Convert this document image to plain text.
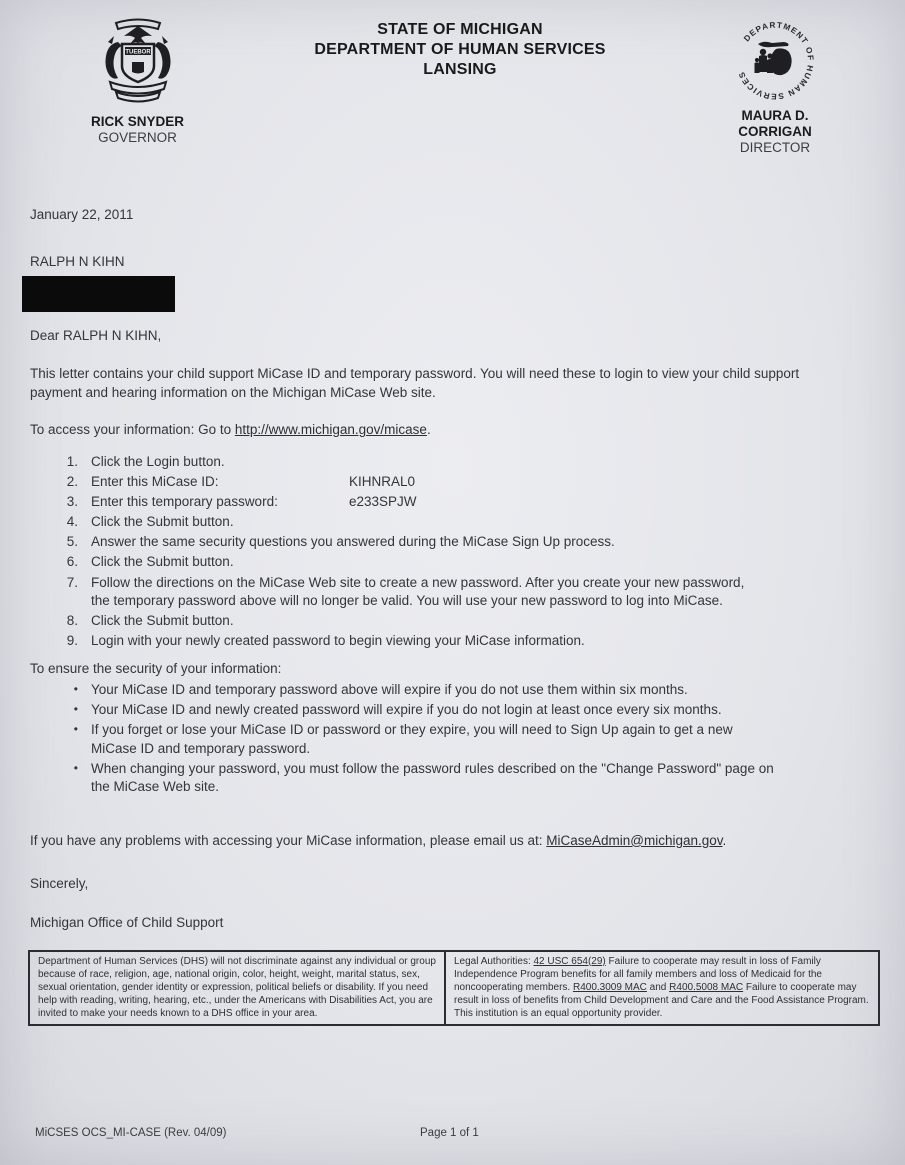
TUEBOR
RICK SNYDER
GOVERNOR
STATE OF MICHIGAN
DEPARTMENT OF HUMAN SERVICES
LANSING
DEPARTMENT OF HUMAN SERVICES
MAURA D.
CORRIGAN
DIRECTOR
January 22, 2011
RALPH N KIHN
Dear RALPH N KIHN,

This letter contains your child support MiCase ID and temporary password. You will need these to login to view your child support payment and hearing information on the Michigan MiCase Web site.

To access your information: Go to http://www.michigan.gov/micase.

1. Click the Login button.
2. Enter this MiCase ID:	KIHNRAL0
3. Enter this temporary password:	e233SPJW
4. Click the Submit button.
5. Answer the same security questions you answered during the MiCase Sign Up process.
6. Click the Submit button.
7. Follow the directions on the MiCase Web site to create a new password. After you create your new password, the temporary password above will no longer be valid. You will use your new password to log into MiCase.
8. Click the Submit button.
9. Login with your newly created password to begin viewing your MiCase information.
To ensure the security of your information:
• Your MiCase ID and temporary password above will expire if you do not use them within six months.
• Your MiCase ID and newly created password will expire if you do not login at least once every six months.
• If you forget or lose your MiCase ID or password or they expire, you will need to Sign Up again to get a new MiCase ID and temporary password.
• When changing your password, you must follow the password rules described on the "Change Password" page on the MiCase Web site.

If you have any problems with accessing your MiCase information, please email us at: MiCaseAdmin@michigan.gov.

Sincerely,

Michigan Office of Child Support

Department of Human Services (DHS) will not discriminate against any individual or group because of race, religion, age, national origin, color, height, weight, marital status, sex, sexual orientation, gender identity or expression, political beliefs or disability. If you need help with reading, writing, hearing, etc., under the Americans with Disabilities Act, you are invited to make your needs known to a DHS office in your area.
Legal Authorities: 42 USC 654(29) Failure to cooperate may result in loss of Family Independence Program benefits for all family members and loss of Medicaid for the noncooperating members. R400.3009 MAC and R400.5008 MAC Failure to cooperate may result in loss of benefits from Child Development and Care and the Food Assistance Program.
This institution is an equal opportunity provider.
MiCSES OCS_MI-CASE (Rev. 04/09)	Page 1 of 1
